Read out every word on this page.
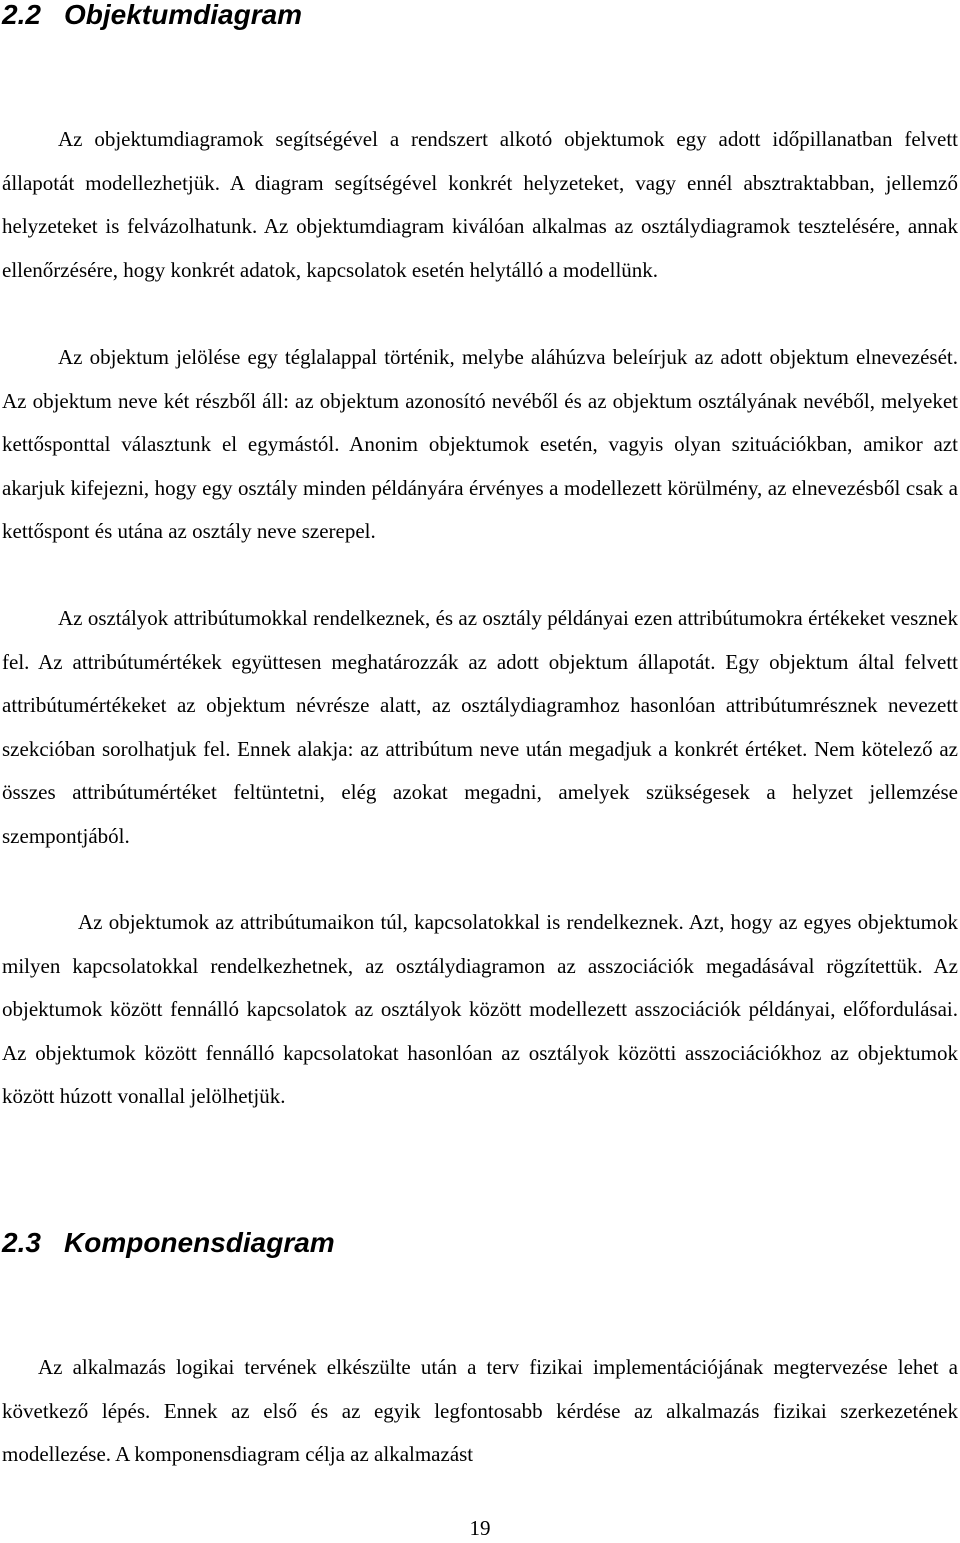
2.2 Objektumdiagram

Az objektumdiagramok segítségével a rendszert alkotó objektumok egy adott időpillanatban felvett állapotát modellezhetjük. A diagram segítségével konkrét helyzeteket, vagy ennél absztraktabban, jellemző helyzeteket is felvázolhatunk. Az objektumdiagram kiválóan alkalmas az osztálydiagramok tesztelésére, annak ellenőrzésére, hogy konkrét adatok, kapcsolatok esetén helytálló a modellünk.

Az objektum jelölése egy téglalappal történik, melybe aláhúzva beleírjuk az adott objektum elnevezését. Az objektum neve két részből áll: az objektum azonosító nevéből és az objektum osztályának nevéből, melyeket kettősponttal választunk el egymástól. Anonim objektumok esetén, vagyis olyan szituációkban, amikor azt akarjuk kifejezni, hogy egy osztály minden példányára érvényes a modellezett körülmény, az elnevezésből csak a kettőspont és utána az osztály neve szerepel.

Az osztályok attribútumokkal rendelkeznek, és az osztály példányai ezen attribútumokra értékeket vesznek fel. Az attribútumértékek együttesen meghatározzák az adott objektum állapotát. Egy objektum által felvett attribútumértékeket az objektum névrésze alatt, az osztálydiagramhoz hasonlóan attribútumrésznek nevezett szekcióban sorolhatjuk fel. Ennek alakja: az attribútum neve után megadjuk a konkrét értéket. Nem kötelező az összes attribútumértéket feltüntetni, elég azokat megadni, amelyek szükségesek a helyzet jellemzése szempontjából.

Az objektumok az attribútumaikon túl, kapcsolatokkal is rendelkeznek. Azt, hogy az egyes objektumok milyen kapcsolatokkal rendelkezhetnek, az osztálydiagramon az asszociációk megadásával rögzítettük. Az objektumok között fennálló kapcsolatok az osztályok között modellezett asszociációk példányai, előfordulásai. Az objektumok között fennálló kapcsolatokat hasonlóan az osztályok közötti asszociációkhoz az objektumok között húzott vonallal jelölhetjük.

2.3 Komponensdiagram

Az alkalmazás logikai tervének elkészülte után a terv fizikai implementációjának megtervezése lehet a következő lépés. Ennek az első és az egyik legfontosabb kérdése az alkalmazás fizikai szerkezetének modellezése. A komponensdiagram célja az alkalmazást

19
